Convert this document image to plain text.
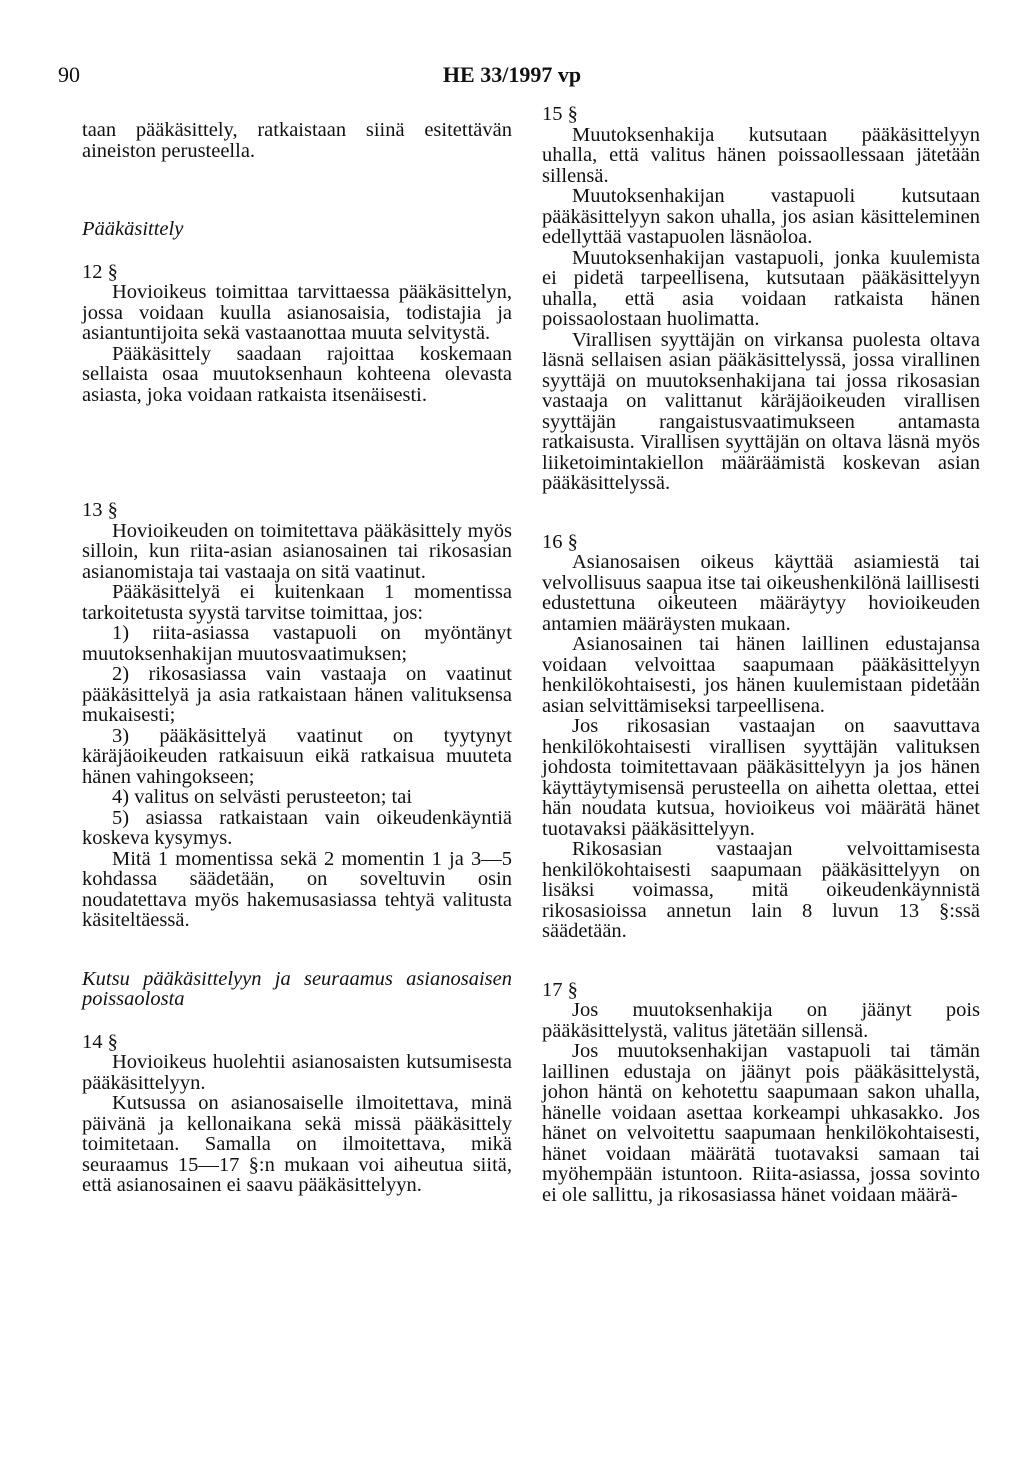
90	HE 33/1997 vp

taan pääkäsittely, ratkaistaan siinä esitettävän aineiston perusteella.

Pääkäsittely

12 §

Hovioikeus toimittaa tarvittaessa pääkäsittelyn, jossa voidaan kuulla asianosaisia, todistajia ja asiantuntijoita sekä vastaanottaa muuta selvitystä.

Pääkäsittely saadaan rajoittaa koskemaan sellaista osaa muutoksenhaun kohteena olevasta asiasta, joka voidaan ratkaista itsenäisesti.

13 §

Hovioikeuden on toimitettava pääkäsittely myös silloin, kun riita-asian asianosainen tai rikosasian asianomistaja tai vastaaja on sitä vaatinut.

Pääkäsittelyä ei kuitenkaan 1 momentissa tarkoitetusta syystä tarvitse toimittaa, jos:

1) riita-asiassa vastapuoli on myöntänyt muutoksenhakijan muutosvaatimuksen;

2) rikosasiassa vain vastaaja on vaatinut pääkäsittelyä ja asia ratkaistaan hänen valituksensa mukaisesti;

3) pääkäsittelyä vaatinut on tyytynyt käräjäoikeuden ratkaisuun eikä ratkaisua muuteta hänen vahingokseen;

4) valitus on selvästi perusteeton; tai

5) asiassa ratkaistaan vain oikeudenkäyntiä koskeva kysymys.

Mitä 1 momentissa sekä 2 momentin 1 ja 3—5 kohdassa säädetään, on soveltuvin osin noudatettava myös hakemusasiassa tehtyä valitusta käsiteltäessä.

Kutsu pääkäsittelyyn ja seuraamus asianosaisen poissaolosta

14 §

Hovioikeus huolehtii asianosaisten kutsumisesta pääkäsittelyyn.

Kutsussa on asianosaiselle ilmoitettava, minä päivänä ja kellonaikana sekä missä pääkäsittely toimitetaan. Samalla on ilmoitettava, mikä seuraamus 15—17 §:n mukaan voi aiheutua siitä, että asianosainen ei saavu pääkäsittelyyn.

15 §

Muutoksenhakija kutsutaan pääkäsittelyyn uhalla, että valitus hänen poissaollessaan jätetään sillensä.

Muutoksenhakijan vastapuoli kutsutaan pääkäsittelyyn sakon uhalla, jos asian käsitteleminen edellyttää vastapuolen läsnäoloa.

Muutoksenhakijan vastapuoli, jonka kuulemista ei pidetä tarpeellisena, kutsutaan pääkäsittelyyn uhalla, että asia voidaan ratkaista hänen poissaolostaan huolimatta.

Virallisen syyttäjän on virkansa puolesta oltava läsnä sellaisen asian pääkäsittelyssä, jossa virallinen syyttäjä on muutoksenhakijana tai jossa rikosasian vastaaja on valittanut käräjäoikeuden virallisen syyttäjän rangaistusvaatimukseen antamasta ratkaisusta. Virallisen syyttäjän on oltava läsnä myös liiketoimintakiellon määräämistä koskevan asian pääkäsittelyssä.

16 §

Asianosaisen oikeus käyttää asiamiestä tai velvollisuus saapua itse tai oikeushenkilönä laillisesti edustettuna oikeuteen määräytyy hovioikeuden antamien määräysten mukaan.

Asianosainen tai hänen laillinen edustajansa voidaan velvoittaa saapumaan pääkäsittelyyn henkilökohtaisesti, jos hänen kuulemistaan pidetään asian selvittämiseksi tarpeellisena.

Jos rikosasian vastaajan on saavuttava henkilökohtaisesti virallisen syyttäjän valituksen johdosta toimitettavaan pääkäsittelyyn ja jos hänen käyttäytymisensä perusteella on aihetta olettaa, ettei hän noudata kutsua, hovioikeus voi määrätä hänet tuotavaksi pääkäsittelyyn.

Rikosasian vastaajan velvoittamisesta henkilökohtaisesti saapumaan pääkäsittelyyn on lisäksi voimassa, mitä oikeudenkäynnistä rikosasioissa annetun lain 8 luvun 13 §:ssä säädetään.

17 §

Jos muutoksenhakija on jäänyt pois pääkäsittelystä, valitus jätetään sillensä.

Jos muutoksenhakijan vastapuoli tai tämän laillinen edustaja on jäänyt pois pääkäsittelystä, johon häntä on kehotettu saapumaan sakon uhalla, hänelle voidaan asettaa korkeampi uhkasakko. Jos hänet on velvoitettu saapumaan henkilökohtaisesti, hänet voidaan määrätä tuotavaksi samaan tai myöhempään istuntoon. Riita-asiassa, jossa sovinto ei ole sallittu, ja rikosasiassa hänet voidaan määrä-
